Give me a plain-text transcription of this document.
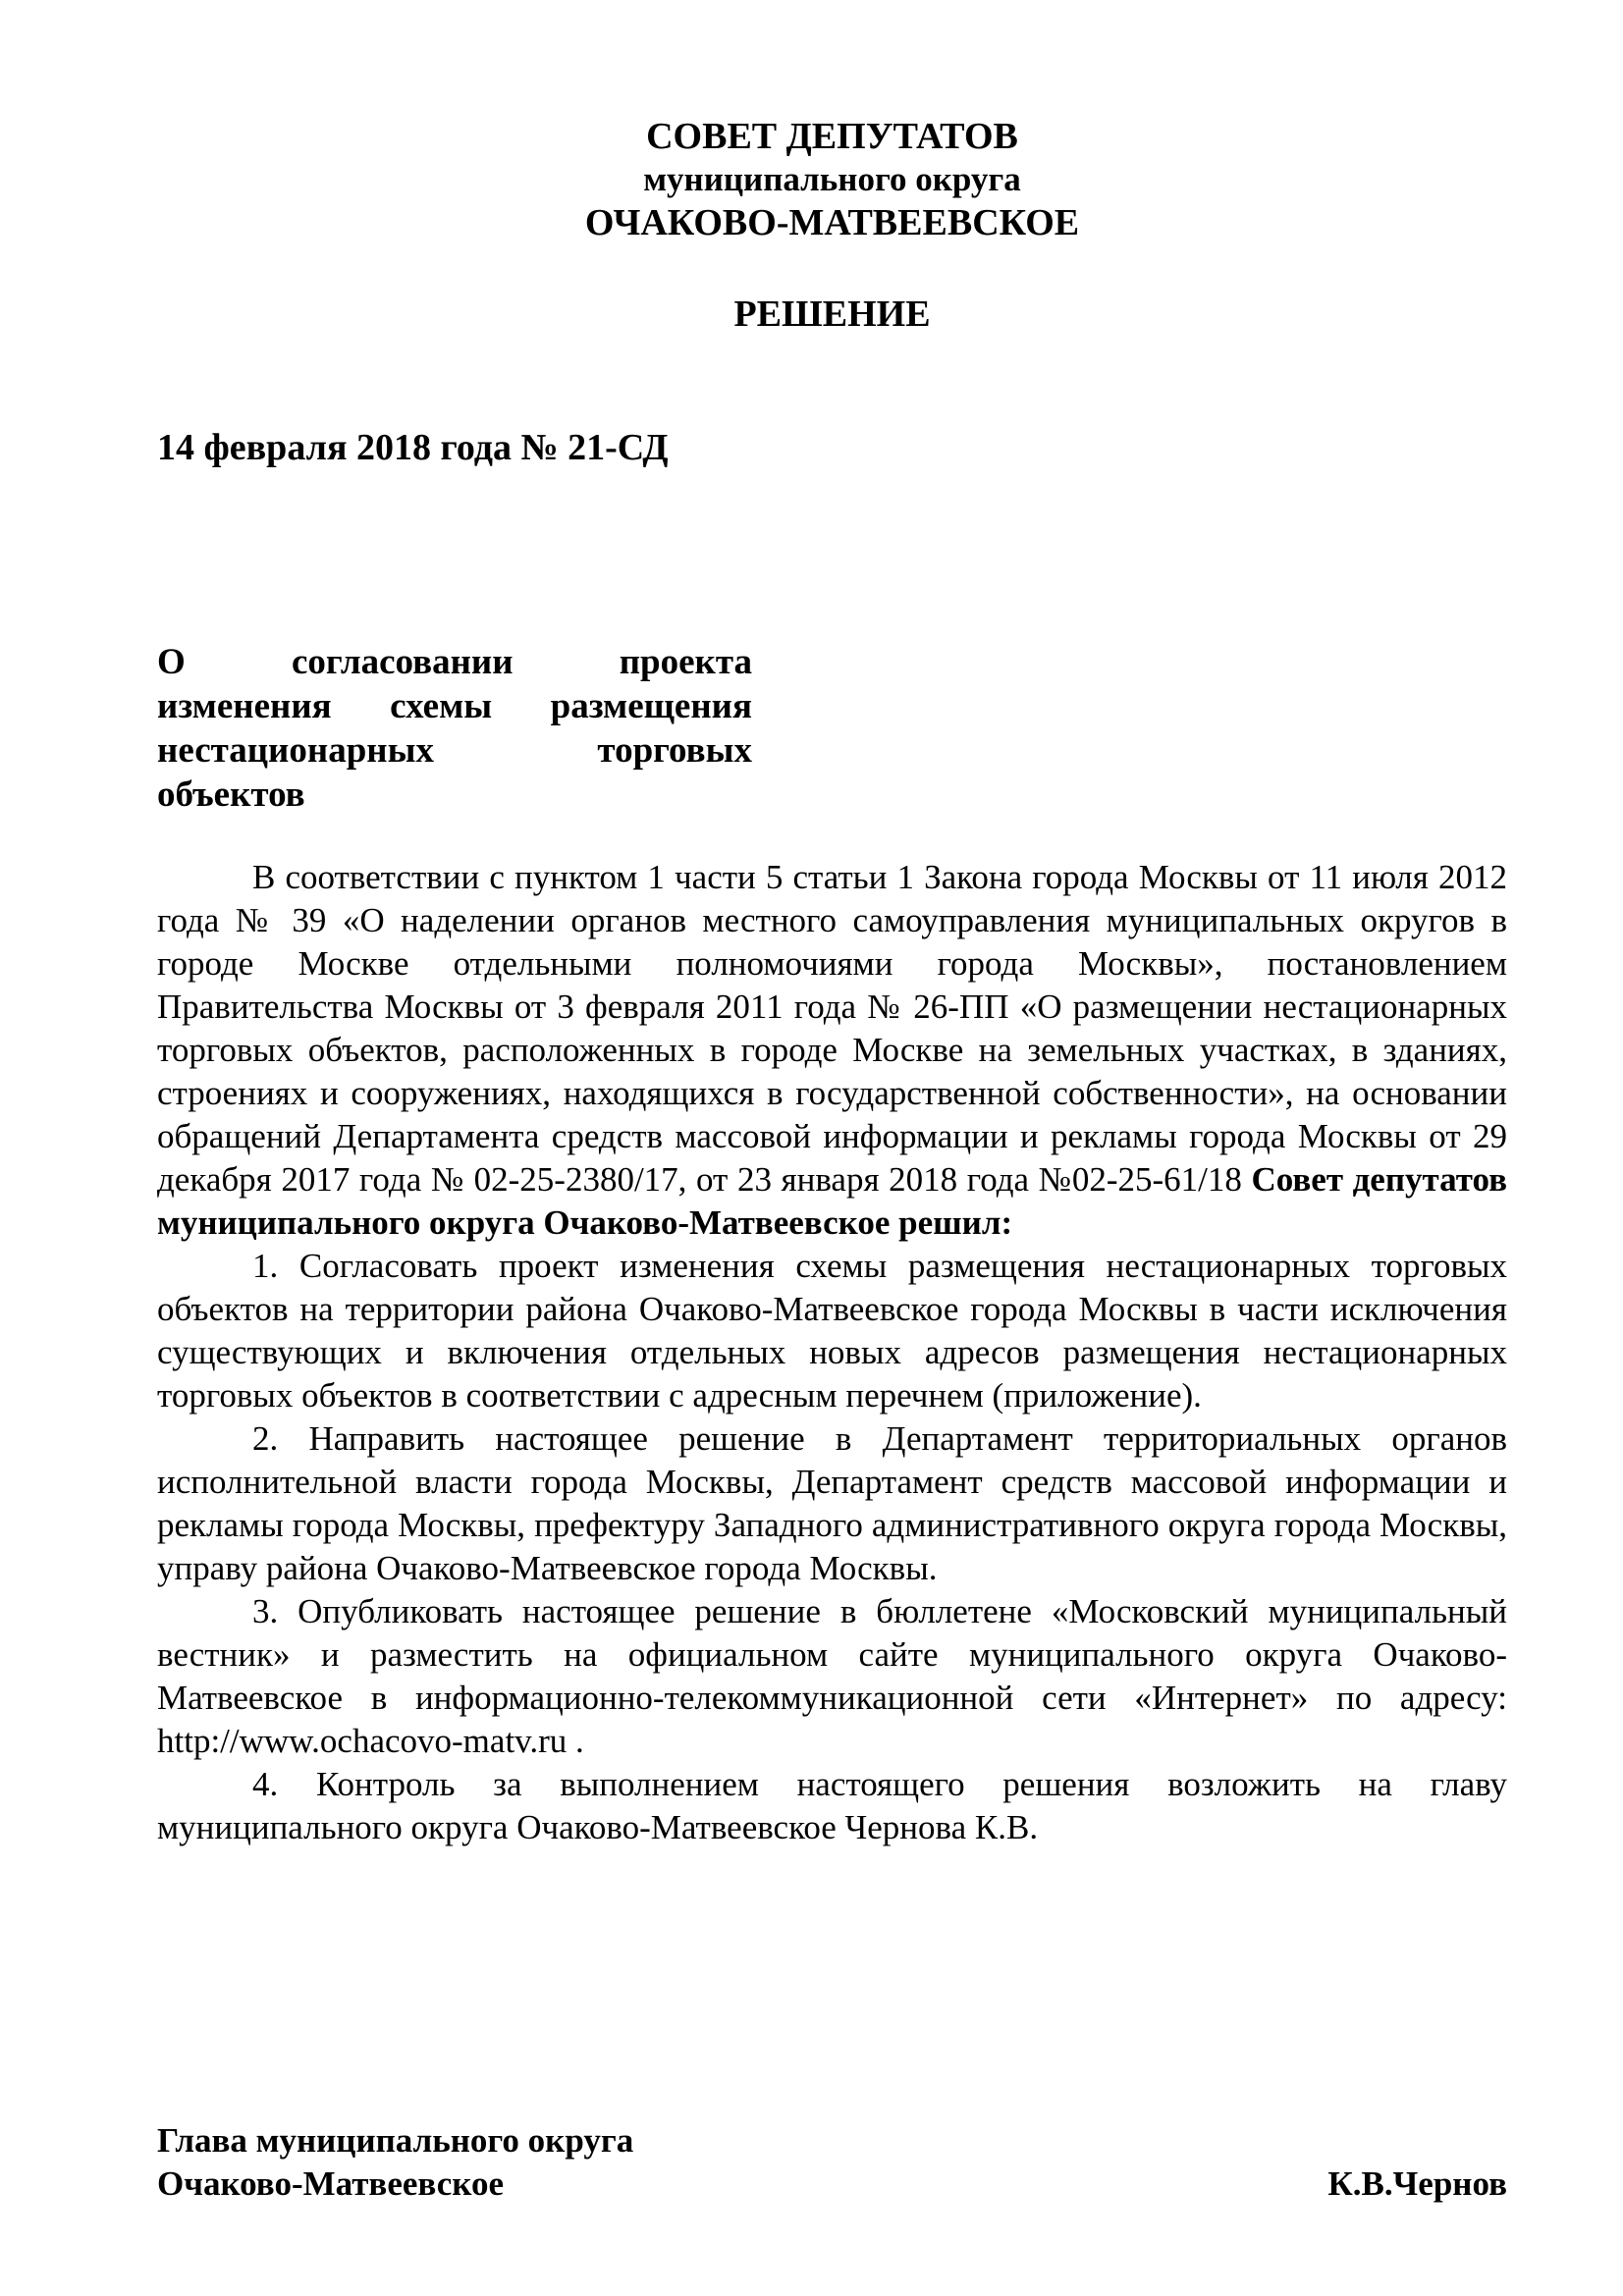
СОВЕТ ДЕПУТАТОВ
муниципального округа
ОЧАКОВО-МАТВЕЕВСКОЕ
РЕШЕНИЕ
14 февраля 2018 года № 21-СД
О согласовании проекта
изменения схемы размещения
нестационарных торговых
объектов

В соответствии с пунктом 1 части 5 статьи 1 Закона города Москвы от 11 июля 2012 года № 39 «О наделении органов местного самоуправления муниципальных округов в городе Москве отдельными полномочиями города Москвы», постановлением Правительства Москвы от 3 февраля 2011 года № 26-ПП «О размещении нестационарных торговых объектов, расположенных в городе Москве на земельных участках, в зданиях, строениях и сооружениях, находящихся в государственной собственности», на основании обращений Департамента средств массовой информации и рекламы города Москвы от 29 декабря 2017 года № 02-25-2380/17, от 23 января 2018 года №02-25-61/18 Совет депутатов муниципального округа Очаково-Матвеевское решил:

1. Согласовать проект изменения схемы размещения нестационарных торговых объектов на территории района Очаково-Матвеевское города Москвы в части исключения существующих и включения отдельных новых адресов размещения нестационарных торговых объектов в соответствии с адресным перечнем (приложение).

2. Направить настоящее решение в Департамент территориальных органов исполнительной власти города Москвы, Департамент средств массовой информации и рекламы города Москвы, префектуру Западного административного округа города Москвы, управу района Очаково-Матвеевское города Москвы.

3. Опубликовать настоящее решение в бюллетене «Московский муниципальный вестник» и разместить на официальном сайте муниципального округа Очаково-Матвеевское в информационно-телекоммуникационной сети «Интернет» по адресу: http://www.ochacovo-matv.ru .

4. Контроль за выполнением настоящего решения возложить на главу муниципального округа Очаково-Матвеевское Чернова К.В.

Глава муниципального округа
Очаково-Матвеевское	К.В.Чернов
